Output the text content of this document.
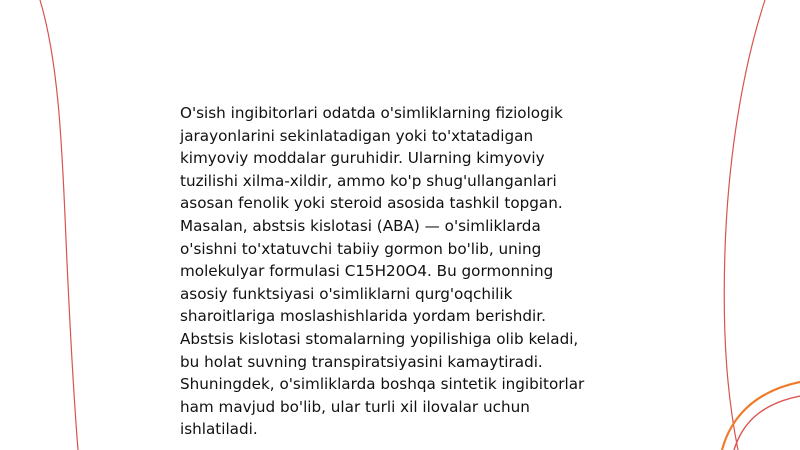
O'sish ingibitorlari odatda o'simliklarning fiziologik
jarayonlarini sekinlatadigan yoki to'xtatadigan
kimyoviy moddalar guruhidir. Ularning kimyoviy
tuzilishi xilma-xildir, ammo ko'p shug'ullanganlari
asosan fenolik yoki steroid asosida tashkil topgan.
Masalan, abstsis kislotasi (ABA) — o'simliklarda
o'sishni to'xtatuvchi tabiiy gormon bo'lib, uning
molekulyar formulasi C15H20O4. Bu gormonning
asosiy funktsiyasi o'simliklarni qurg'oqchilik
sharoitlariga moslashishlarida yordam berishdir.
Abstsis kislotasi stomalarning yopilishiga olib keladi,
bu holat suvning transpiratsiyasini kamaytiradi.
Shuningdek, o'simliklarda boshqa sintetik ingibitorlar
ham mavjud bo'lib, ular turli xil ilovalar uchun
ishlatiladi.
